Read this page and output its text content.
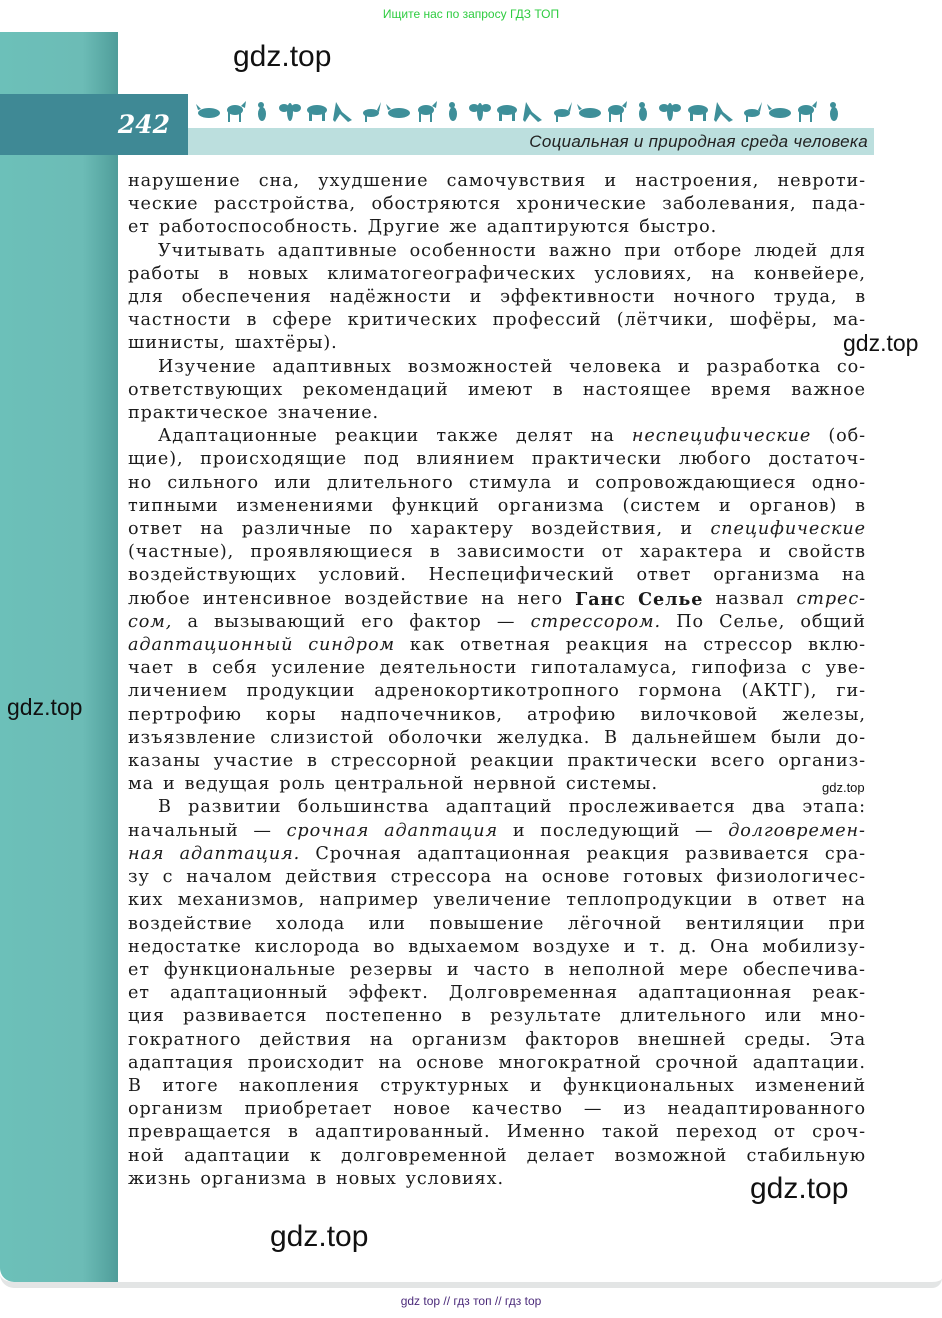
Ищите нас по запросу ГДЗ ТОП
242
Социальная и природная среда человека
нарушение сна, ухудшение самочувствия и настроения, невроти-
ческие расстройства, обостряются хронические заболевания, пада-
ет работоспособность. Другие же адаптируются быстро.
Учитывать адаптивные особенности важно при отборе людей для
работы в новых климатогеографических условиях, на конвейере,
для обеспечения надёжности и эффективности ночного труда, в
частности в сфере критических профессий (лётчики, шофёры, ма-
шинисты, шахтёры).
Изучение адаптивных возможностей человека и разработка со-
ответствующих рекомендаций имеют в настоящее время важное
практическое значение.
Адаптационные реакции также делят на неспецифические (об-
щие), происходящие под влиянием практически любого достаточ-
но сильного или длительного стимула и сопровождающиеся одно-
типными изменениями функций организма (систем и органов) в
ответ на различные по характеру воздействия, и специфические
(частные), проявляющиеся в зависимости от характера и свойств
воздействующих условий. Неспецифический ответ организма на
любое интенсивное воздействие на него Ганс Селье назвал стрес-
сом, а вызывающий его фактор — стрессором. По Селье, общий
адаптационный синдром как ответная реакция на стрессор вклю-
чает в себя усиление деятельности гипоталамуса, гипофиза с уве-
личением продукции адренокортикотропного гормона (АКТГ), ги-
пертрофию коры надпочечников, атрофию вилочковой железы,
изъязвление слизистой оболочки желудка. В дальнейшем были до-
казаны участие в стрессорной реакции практически всего организ-
ма и ведущая роль центральной нервной системы.
В развитии большинства адаптаций прослеживается два этапа:
начальный — срочная адаптация и последующий — долговремен-
ная адаптация. Срочная адаптационная реакция развивается сра-
зу с началом действия стрессора на основе готовых физиологичес-
ких механизмов, например увеличение теплопродукции в ответ на
воздействие холода или повышение лёгочной вентиляции при
недостатке кислорода во вдыхаемом воздухе и т. д. Она мобилизу-
ет функциональные резервы и часто в неполной мере обеспечива-
ет адаптационный эффект. Долговременная адаптационная реак-
ция развивается постепенно в результате длительного или мно-
гократного действия на организм факторов внешней среды. Эта
адаптация происходит на основе многократной срочной адаптации.
В итоге накопления структурных и функциональных изменений
организм приобретает новое качество — из неадаптированного
превращается в адаптированный. Именно такой переход от сроч-
ной адаптации к долговременной делает возможной стабильную
жизнь организма в новых условиях.
gdz.top
gdz.top
gdz.top
gdz.top
gdz.top
gdz.top
gdz top // гдз топ // гдз top
